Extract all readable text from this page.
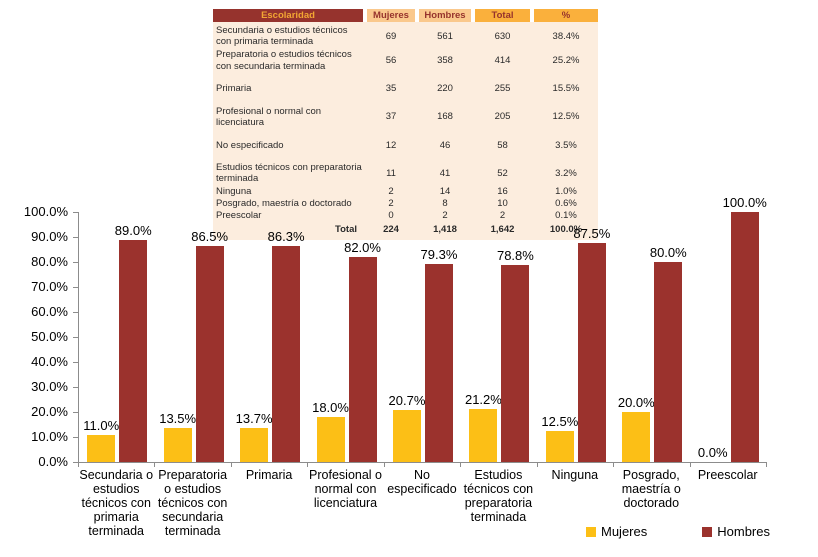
Escolaridad	Mujeres	Hombres	Total	%
Secundaria o estudios técnicos con primaria terminada
69	561	630	38.4%
Preparatoria o estudios técnicos con secundaria terminada
56	358	414	25.2%
Primaria	35	220	255	15.5%
Profesional o normal con licenciatura
37	168	205	12.5%
No especificado	12	46	58	3.5%
Estudios técnicos con preparatoria terminada
11	41	52	3.2%
Ninguna	2	14	16	1.0%
Posgrado, maestría o doctorado	2	8	10	0.6%
Preescolar	0	2	2	0.1%
Total	224	1,418	1,642	100.0%
0.0%
10.0%
20.0%
30.0%
40.0%
50.0%
60.0%
70.0%
80.0%
90.0%
100.0%
11.0%
89.0%
13.5%
86.5%
13.7%
86.3%
18.0%
82.0%
20.7%
79.3%
21.2%
78.8%
12.5%
87.5%
20.0%
80.0%
0.0%
100.0%
Secundaria o estudios técnicos con primaria terminada
Preparatoria o estudios técnicos con secundaria terminada
Primaria	Profesional o normal con licenciatura
No especificado
Estudios técnicos con preparatoria terminada
Ninguna	Posgrado, maestría o doctorado
Preescolar
Mujeres	Hombres
